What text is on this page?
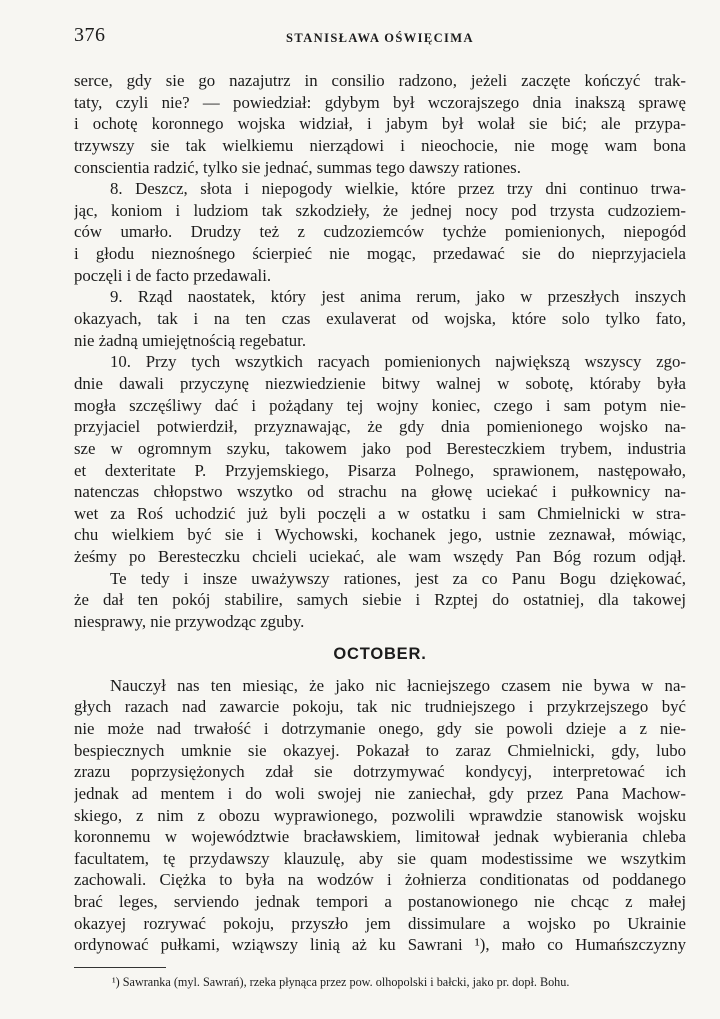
376	STANISŁAWA OŚWIĘCIMA
serce, gdy sie go nazajutrz in consilio radzono, jeżeli zaczęte kończyć trak-
taty, czyli nie? — powiedział: gdybym był wczorajszego dnia inakszą sprawę
i ochotę koronnego wojska widział, i jabym był wolał sie bić; ale przypa-
trzywszy sie tak wielkiemu nierządowi i nieochocie, nie mogę wam bona
conscientia radzić, tylko sie jednać, summas tego dawszy rationes.
8. Deszcz, słota i niepogody wielkie, które przez trzy dni continuo trwa-
jąc, koniom i ludziom tak szkodziełу, że jednej nocy pod trzysta cudzoziem-
ców umarło. Drudzy też z cudzoziemców tychże pomienionych, niepogód
i głodu nieznośnego ścierpieć nie mogąc, przedawać sie do nieprzyjaciela
poczęli i de facto przedawali.
9. Rząd naostatek, który jest anima rerum, jako w przeszłych inszych
okazyach, tak i na ten czas exulaverat od wojska, które solo tylko fato,
nie żadną umiejętnością regebatur.
10. Przy tych wszytkich racyach pomienionych największą wszyscy zgo-
dnie dawali przyczynę niezwiedzienie bitwy walnej w sobotę, któraby była
mogła szczęśliwy dać i pożądany tej wojny koniec, czego i sam potym nie-
przyjaciel potwierdził, przyznawając, że gdy dnia pomienionego wojsko na-
sze w ogromnym szyku, takowem jako pod Beresteczkiem trybem, industria
et dexteritate P. Przyjemskiego, Pisarza Polnego, sprawionem, następowało,
natenczas chłopstwo wszytko od strachu na głowę uciekać i pułkownicy na-
wet za Roś uchodzić już byli poczęli a w ostatku i sam Chmielnicki w stra-
chu wielkiem być sie i Wychowski, kochanek jego, ustnie zeznawał, mówiąc,
żeśmy po Beresteczku chcieli uciekać, ale wam wszędy Pan Bóg rozum odjął.
Te tedy i insze uważywszy rationes, jest za co Panu Bogu dziękować,
że dał ten pokój stabilire, samych siebie i Rzptej do ostatniej, dla takowej
niesprawy, nie przywodząc zguby.
OCTOBER.
Nauczył nas ten miesiąc, że jako nic łacniejszego czasem nie bywa w na-
głych razach nad zawarcie pokoju, tak nic trudniejszego i przykrzejszego być
nie może nad trwałość i dotrzymanie onego, gdy sie powoli dzieje a z nie-
bespiecznych umknie sie okazyej. Pokazał to zaraz Chmielnicki, gdy, lubo
zrazu poprzysiężonych zdał sie dotrzymywać kondycyj, interpretować ich
jednak ad mentem i do woli swojej nie zaniechał, gdy przez Pana Machow-
skiego, z nim z obozu wyprawionego, pozwolili wprawdzie stanowisk wojsku
koronnemu w województwie bracławskiem, limitował jednak wybierania chleba
facultatem, tę przydawszy klauzulę, aby sie quam modestissime we wszytkim
zachowali. Ciężka to była na wodzów i żołnierza conditionatas od poddanego
brać leges, serviendo jednak tempori a postanowionego nie chcąc z małej
okazyej rozrywać pokoju, przyszło jem dissimulare a wojsko po Ukrainie
ordynować pułkami, wziąwszy linią aż ku Sawrani ¹), mało co Humańszczyzny
¹) Sawranka (myl. Sawrań), rzeka płynąca przez pow. olhopolski i bałcki, jako pr. dopł. Bohu.
